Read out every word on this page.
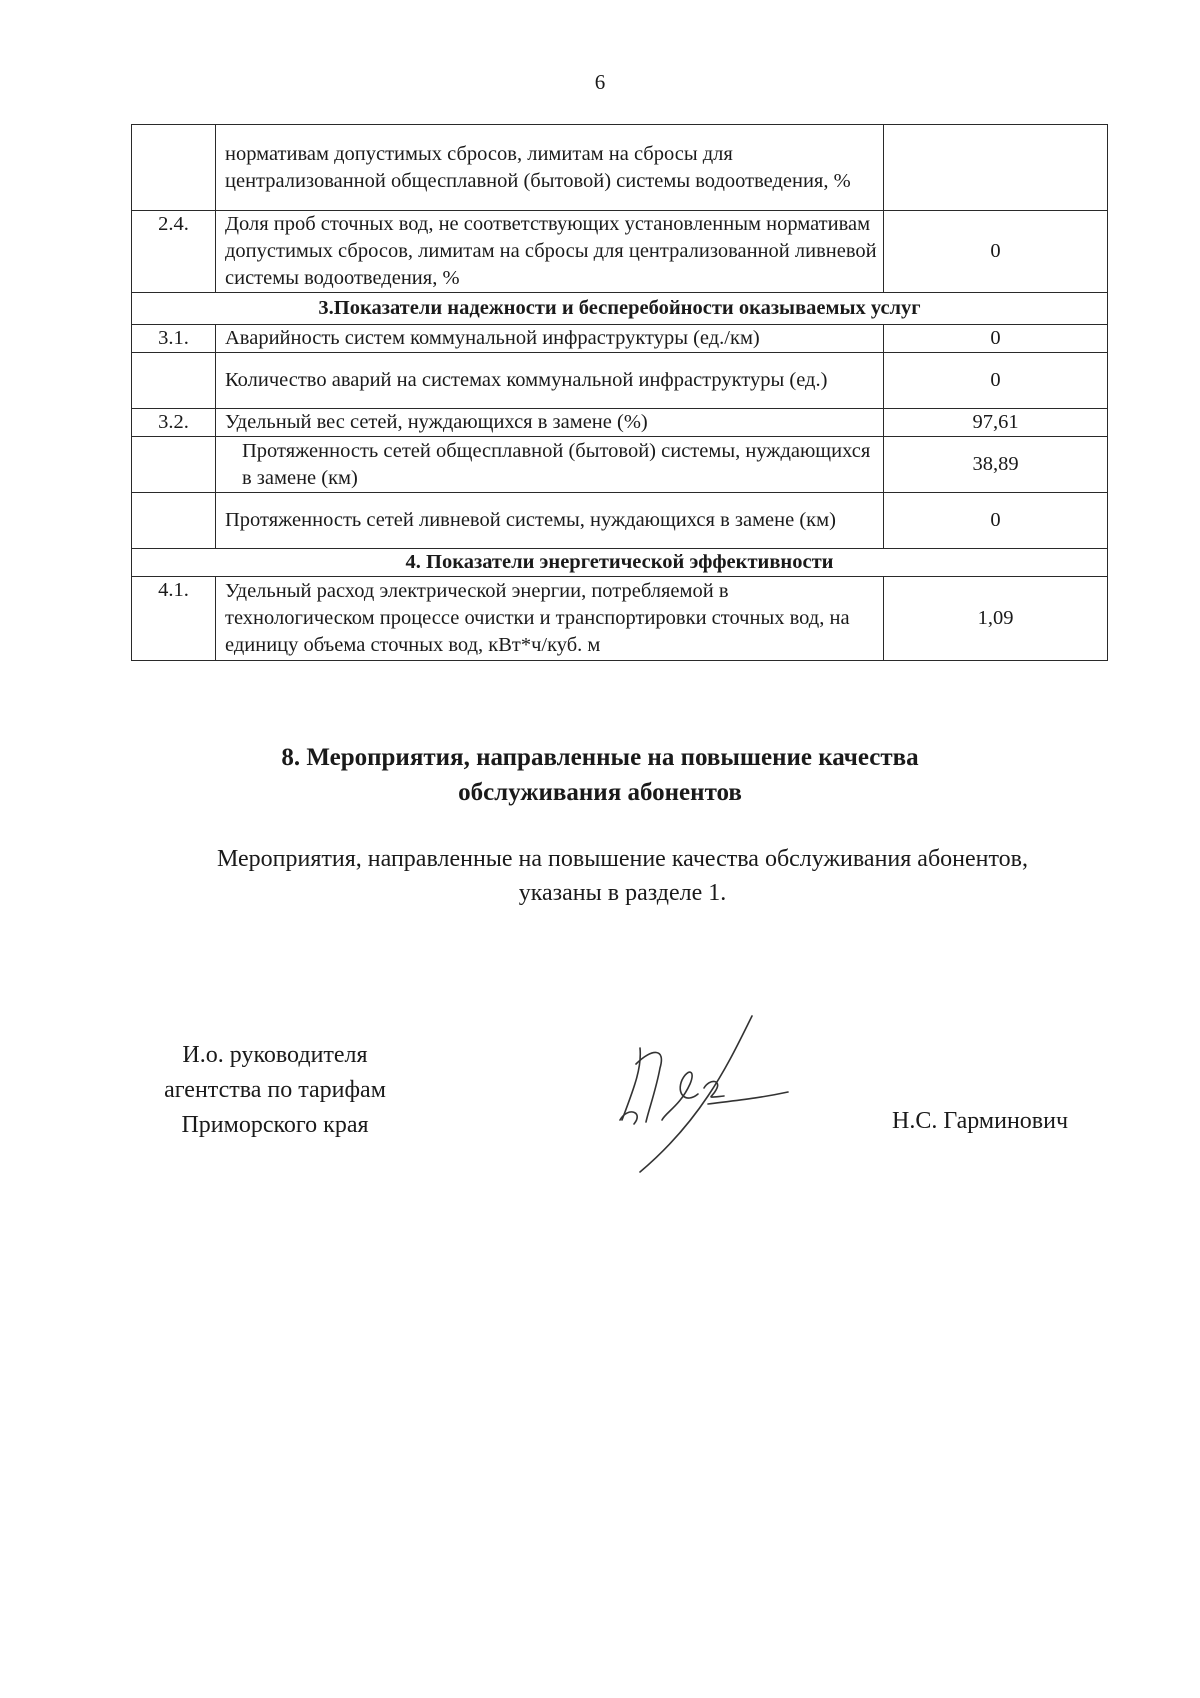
6
	нормативам допустимых сбросов, лимитам на сбросы для централизованной общесплавной (бытовой) системы водоотведения, %	
2.4.	Доля проб сточных вод, не соответствующих установленным нормативам допустимых сбросов, лимитам на сбросы для централизованной ливневой системы водоотведения, %	0
3.Показатели надежности и бесперебойности оказываемых услуг		
3.1.	Аварийность систем коммунальной инфраструктуры (ед./км)	0
	Количество аварий на системах коммунальной инфраструктуры (ед.)	0
3.2.	Удельный вес сетей, нуждающихся в замене (%)	97,61
	Протяженность сетей общесплавной (бытовой) системы, нуждающихся в замене (км)	38,89
	Протяженность сетей ливневой системы, нуждающихся в замене (км)	0
4. Показатели энергетической эффективности		
4.1.	Удельный расход электрической энергии, потребляемой в технологическом процессе очистки и транспортировки сточных вод, на единицу объема сточных вод, кВт*ч/куб. м	1,09
8. Мероприятия, направленные на повышение качества
обслуживания абонентов
Мероприятия, направленные на повышение качества обслуживания абонентов,
указаны в разделе 1.
И.о. руководителя
агентства по тарифам
Приморского края	Н.С. Гарминович
